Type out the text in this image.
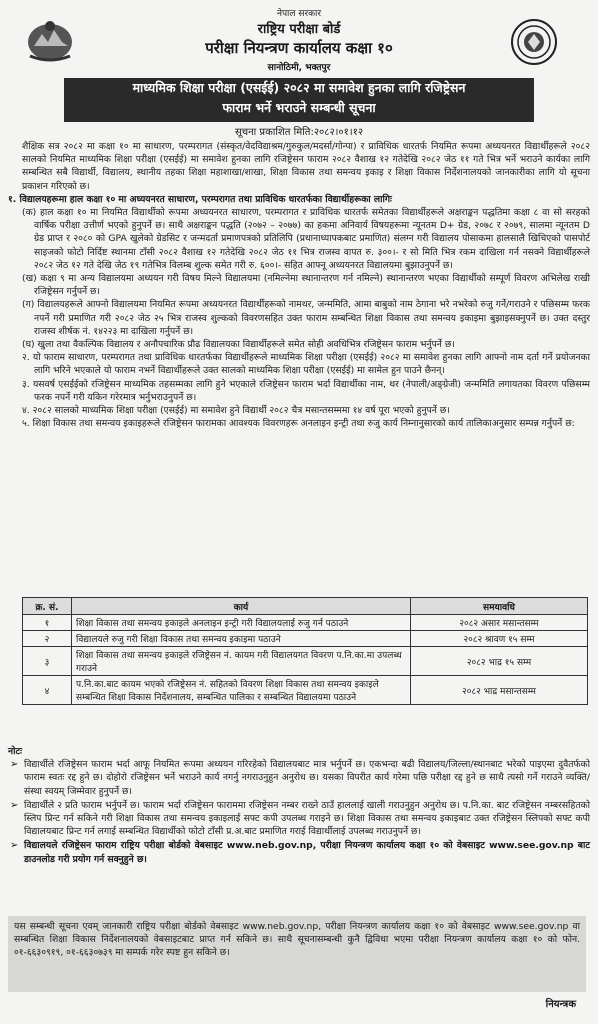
नेपाल सरकार
राष्ट्रिय परीक्षा बोर्ड
परीक्षा नियन्त्रण कार्यालय कक्षा १०
सानोठिमी, भक्तपुर
माध्यमिक शिक्षा परीक्षा (एसईई) २०८२ मा समावेश हुनका लागि रजिष्ट्रेसन
फाराम भर्ने भराउने सम्बन्धी सूचना
सूचना प्रकाशित मिति:२०८२।०१।१२
शैक्षिक सत्र २०८२ मा कक्षा १० मा साधारण, परम्परागत (संस्कृत/वेदविद्याश्रम/गुरुकुल/मदर्सा/गोन्पा) र प्राविधिक धारतर्फ नियमित रूपमा अध्ययनरत विद्यार्थीहरूले २०८२ सालको नियमित माध्यमिक शिक्षा परीक्षा (एसईई) मा समावेश हुनका लागि रजिष्ट्रेसन फाराम २०८२ वैशाख १२ गतेदेखि २०८२ जेठ ११ गते भित्र भर्ने भराउने कार्यका लागि सम्बन्धित सबै विद्यार्थी, विद्यालय, स्थानीय तहका शिक्षा महाशाखा/शाखा, शिक्षा विकास तथा समन्वय इकाइ र शिक्षा विकास निर्देशनालयको जानकारीका लागि यो सूचना प्रकाशन गरिएको छ।
१. विद्यालयहरूमा हाल कक्षा १० मा अध्ययनरत साधारण, परम्परागत तथा प्राविधिक धारतर्फका विद्यार्थीहरूका लागिः
(क) हाल कक्षा १० मा नियमित विद्यार्थीको रूपमा अध्ययनरत साधारण, परम्परागत र प्राविधिक धारतर्फ समेतका विद्यार्थीहरूले अक्षराङ्कन पद्धतिमा कक्षा ८ वा सो सरहको वार्षिक परीक्षा उत्तीर्ण भएको हुनुपर्ने छ। साथै अक्षराङ्कन पद्धति (२०७२ – २०७७) का हकमा अनिवार्य विषयहरूमा न्यूनतम D+ ग्रेड, २०७८ र २०७९, सालमा न्यूनतम D ग्रेड प्राप्त र २०८० को GPA खुलेको ग्रेडसिट र जन्मदर्ता प्रमाणपत्रको प्रतिलिपि (प्रधानाध्यापकबाट प्रमाणित) संलग्न गरी विद्यालय पोसाकमा हालसालै खिचिएको पासपोर्ट साइजको फोटो निर्दिष्ट स्थानमा टाँसी २०८२ वैशाख १२ गतेदेखि २०८२ जेठ ११ भित्र राजस्व वापत रु. ३००।- र सो मिति भित्र रकम दाखिला गर्न नसक्ने विद्यार्थीहरूले २०८२ जेठ १२ गते देखि जेठ १९ गतेभित्र विलम्ब शुल्क समेत गरी रु. ६००।- सहित आफ्नू अध्ययनरत विद्यालयमा बुझाउनुपर्ने छ।
(ख) कक्षा ९ मा अन्य विद्यालयमा अध्ययन गरी विषय मिल्ने विद्यालयमा (नमिल्नेमा स्थानान्तरण गर्न नमिल्ने) स्थानान्तरण भएका विद्यार्थीको सम्पूर्ण विवरण अभिलेख राखी रजिष्ट्रेसन गर्नुपर्ने छ।
(ग) विद्यालयहरूले आफ्नो विद्यालयमा नियमित रूपमा अध्ययनरत विद्यार्थीहरूको नामथर, जन्ममिति, आमा बाबुको नाम ठेगाना भरे नभरेको रुजु गर्ने/गराउने र पछिसम्म फरक नपर्ने गरी प्रमाणित गरी २०८२ जेठ २५ भित्र राजस्व शुल्कको विवरणसहित उक्त फाराम सम्बन्धित शिक्षा विकास तथा समन्वय इकाइमा बुझाइसक्नुपर्ने छ। उक्त दस्तुर राजस्व शीर्षक नं. १४२२३ मा दाखिला गर्नुपर्ने छ।
(घ) खुला तथा वैकल्पिक विद्यालय र अनौपचारिक प्रौढ विद्यालयका विद्यार्थीहरूले समेत सोही अवधिभित्र रजिष्ट्रेसन फाराम भर्नुपर्ने छ।
२. यो फाराम साधारण, परम्परागत तथा प्राविधिक धारतर्फका विद्यार्थीहरूले माध्यमिक शिक्षा परीक्षा (एसईई) २०८२ मा समावेश हुनका लागि आफ्नो नाम दर्ता गर्ने प्रयोजनका लागि भरिने भएकाले यो फाराम नभर्ने विद्यार्थीहरूले उक्त सालको माध्यमिक शिक्षा परीक्षा (एसईई) मा सामेल हुन पाउने छैनन्।
३. यसवर्ष एसईईको रजिष्ट्रेसन माध्यमिक तहसम्मका लागि हुने भएकाले रजिष्ट्रेसन फाराम भर्दा विद्यार्थीका नाम, थर (नेपाली/अङ्ग्रेजी) जन्ममिति लगायतका विवरण पछिसम्म फरक नपर्ने गरी यकिन गरेरमात्र भर्नुभराउनुपर्ने छ।
४. २०८२ सालको माध्यमिक शिक्षा परीक्षा (एसईई) मा समावेश हुने विद्यार्थी २०८२ चैत्र मसान्तसम्ममा १४ वर्ष पूरा भएको हुनुपर्ने छ।
५. शिक्षा विकास तथा समन्वय इकाइहरूले रजिष्ट्रेसन फारामका आवश्यक विवरणहरू अनलाइन इन्ट्री तथा रुजु कार्य निम्नानुसारको कार्य तालिकाअनुसार सम्पन्न गर्नुपर्ने छ:
क्र. सं.	कार्य	समयावधि
१	शिक्षा विकास तथा समन्वय इकाइले अनलाइन इन्ट्री गरी विद्यालयलाई रुजु गर्न पठाउने	२०८२ असार मसान्तसम्म
२	विद्यालयले रुजु गरी शिक्षा विकास तथा समन्वय इकाइमा पठाउने	२०८२ श्रावण १५ सम्म
३	शिक्षा विकास तथा समन्वय इकाइले रजिष्ट्रेसन नं. कायम गरी विद्यालयगत विवरण प.नि.का.मा उपलब्ध गराउने	२०८२ भाद्र १५ सम्म
४	प.नि.का.बाट कायम भएको रजिष्ट्रेसन नं. सहितको विवरण शिक्षा विकास तथा समन्वय इकाइले सम्बन्धित शिक्षा विकास निर्देशनालय, सम्बन्धित पालिका र सम्बन्धित विद्यालयमा पठाउने	२०८२ भाद्र मसान्तसम्म
नोटः
➢ विद्यार्थीले रजिष्ट्रेसन फाराम भर्दा आफू नियमित रूपमा अध्ययन गरिरहेको विद्यालयबाट मात्र भर्नुपर्ने छ। एकभन्दा बढी विद्यालय/जिल्ला/स्थानबाट भरेको पाइएमा दुवैतर्फको फाराम स्वतः रद्द हुने छ। दोहोरो रजिष्ट्रेसन भर्ने भराउने कार्य नगर्नु नगराउनुहुन अनुरोध छ। यसका विपरीत कार्य गरेमा पछि परीक्षा रद्द हुने छ साथै त्यसो गर्ने गराउने व्यक्ति/संस्था स्वयम् जिम्मेवार हुनुपर्ने छ।
➢ विद्यार्थीले २ प्रति फाराम भर्नुपर्ने छ। फाराम भर्दा रजिष्ट्रेसन फाराममा रजिष्ट्रेसन नम्बर राख्ने ठाउँ हाललाई खाली गराउनुहुन अनुरोध छ। प.नि.का. बाट रजिष्ट्रेसन नम्बरसहितको स्लिप प्रिन्ट गर्न सकिने गरी शिक्षा विकास तथा समन्वय इकाइलाई सफ्ट कपी उपलब्ध गराइने छ। शिक्षा विकास तथा समन्वय इकाइबाट उक्त रजिष्ट्रेसन स्लिपको सफ्ट कपी विद्यालयबाट प्रिन्ट गर्न लगाई सम्बन्धित विद्यार्थीको फोटो टाँसी प्र.अ.बाट प्रमाणित गराई विद्यार्थीलाई उपलब्ध गराउनुपर्ने छ।
➢ विद्यालयले रजिष्ट्रेसन फाराम राष्ट्रिय परीक्षा बोर्डको वेबसाइट www.neb.gov.np, परीक्षा नियन्त्रण कार्यालय कक्षा १० को वेबसाइट www.see.gov.np बाट डाउनलोड गरी प्रयोग गर्न सक्नुहुने छ।
यस सम्बन्धी सूचना एवम् जानकारी राष्ट्रिय परीक्षा बोर्डको वेबसाइट www.neb.gov.np, परीक्षा नियन्त्रण कार्यालय कक्षा १० को वेबसाइट www.see.gov.np वा सम्बन्धित शिक्षा विकास निर्देशनालयको वेबसाइटबाट प्राप्त गर्न सकिने छ। साथै सूचनासम्बन्धी कुनै द्विविधा भएमा परीक्षा नियन्त्रण कार्यालय कक्षा १० को फोन. ०१-६६३०९१९, ०१-६६३०७३९ मा सम्पर्क गरेर स्पष्ट हुन सकिने छ।
नियन्त्रक
